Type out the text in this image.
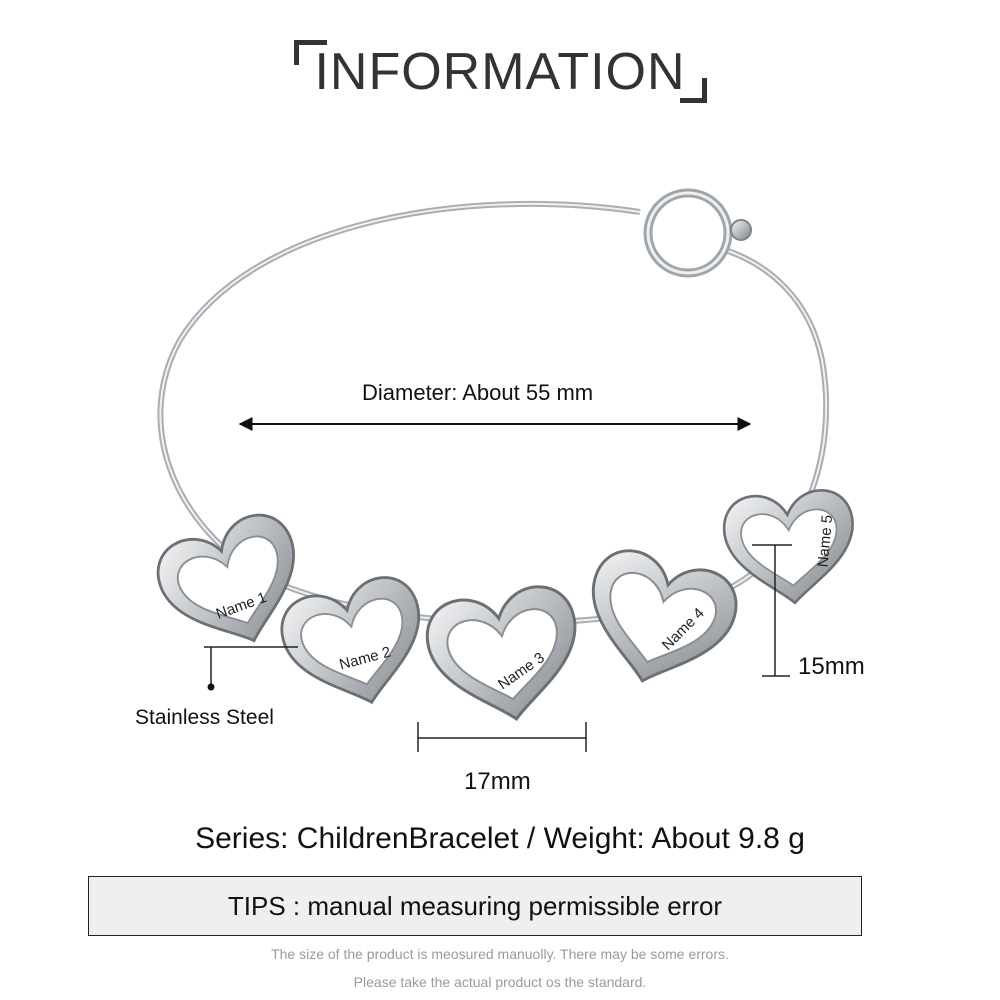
INFORMATION
Name 1
Name 2	Name 3
Name 4
Name 5
Diameter: About 55 mm
15mm
17mm
Stainless Steel
Series: ChildrenBracelet / Weight: About 9.8 g
TIPS : manual measuring permissible error
The size of the product is meosured manuolly. There may be some errors.
Please take the actual product os the standard.
